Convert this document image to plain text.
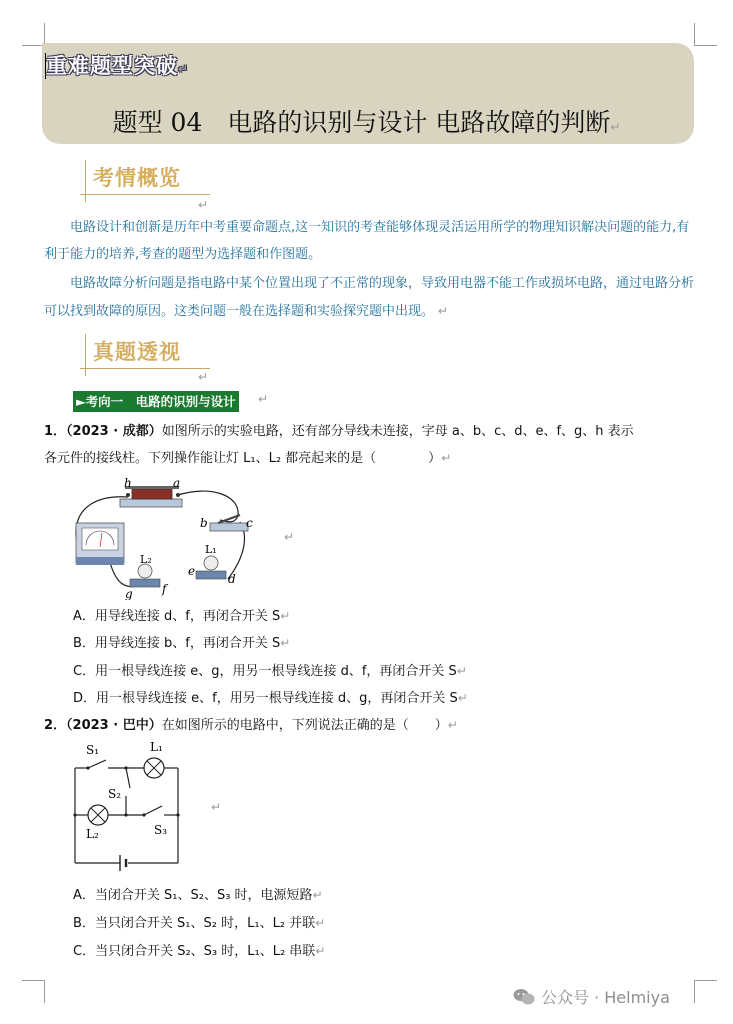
重难题型突破↵
题型 04　电路的识别与设计 电路故障的判断↵
考情概览
↵
电路设计和创新是历年中考重要命题点,这一知识的考查能够体现灵活运用所学的物理知识解决问题的能力,有利于能力的培养,考查的题型为选择题和作图题。
电路故障分析问题是指电路中某个位置出现了不正常的现象，导致用电器不能工作或损坏电路，通过电路分析可以找到故障的原因。这类问题一般在选择题和实验探究题中出现。 ↵
真题透视
↵
►考向一　电路的识别与设计 ↵
1．（2023 · 成都）如图所示的实验电路，还有部分导线未连接，字母 a、b、c、d、e、f、g、h 表示
各元件的接线柱。下列操作能让灯 L₁、L₂ 都亮起来的是（　　　　）↵
h	a
b	c
L₂
g f
L₁
e
d
↵
A．用导线连接 d、f，再闭合开关 S↵
B．用导线连接 b、f，再闭合开关 S↵
C．用一根导线连接 e、g，用另一根导线连接 d、f，再闭合开关 S↵
D．用一根导线连接 e、f，用另一根导线连接 d、g，再闭合开关 S↵
2．（2023 · 巴中）在如图所示的电路中，下列说法正确的是（　　）↵
S₁	L₁
S₂
L₂	S₃
↵
A．当闭合开关 S₁、S₂、S₃ 时，电源短路↵
B．当只闭合开关 S₁、S₂ 时，L₁、L₂ 并联↵
C．当只闭合开关 S₂、S₃ 时，L₁、L₂ 串联↵
公众号 · Helmiya
